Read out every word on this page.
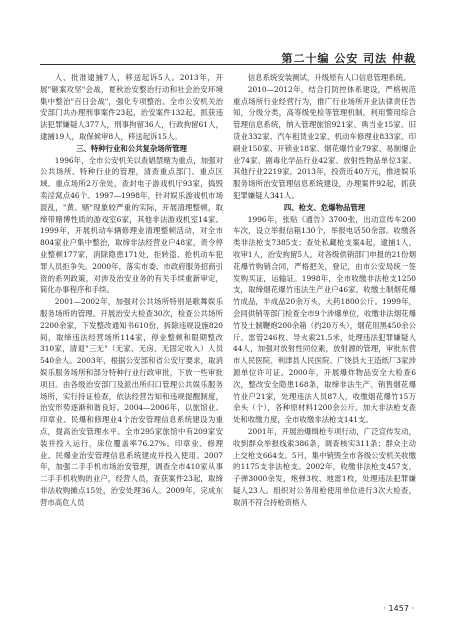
第二十编 公安 司法 仲裁

人、批准逮捕7人，移送起诉5人。2013年，开展"砸案攻坚"会战，夏秋治安整治行动和社会治安环境集中整治"百日会战"，强化专项整治。全市公安机关治安部门共办理刑事案件23起，治安案件132起，抓获违法犯罪嫌疑人377人，刑事拘留36人，行政拘留61人，逮捕19人，取保候审8人，移送起诉15人。

三、特种行业和公共复杂场所管理

1996年，全市公安机关以查娼禁赌为重点，加强对公共场所、特种行业的管理，清查重点部门、重点区域、重点场所2万余处，查封电子游戏机厅93家，捣毁卖淫窝点46个。1997—1998年，针对娱乐游戏机市场混乱，"黄、赌"现象较严重的实际，开展清理整顿，取缔带赌博性质的游戏室6家，其他非法游戏机室14家。1999年，开展机动车辆修理业清理整顿活动，对全市804家业户集中整治，取缔非法经营业户48家，责令停业整顿177家，消除隐患171处，拒转盗、抢机动车犯罪人员拒争失。2000年，落实市委、市政府服务招商引资的系列政策，对涉及治安业务的有关手续重新审定，简化办事程序和手续。

2001—2002年，加强对公共场所特别是歌舞娱乐服务场所的管理。开展治安大检查30次，检查公共场所2200余家，下发整改通知书610份，拆除违规设施820间，取缔违法经营场所114家，停业整顿和限期整改310家，清退"三无"（无家、无房、无固定收入）人员540余人。2003年，根据公安部和省公安厅要求，取消娱乐服务场所和部分特种行业行政审批，下放一些审批项目。由各级治安部门及派出所归口管理公共娱乐服务场所，实行持证检查，依法经营告知和违规提醒制度，治安形势逐渐和谐良好。2004—2006年，以旅馆业、印章业、民爆和修理业4个治安管理信息系统建设为重点，提高治安管理水平。全市295家旅馆中有209家安装并投入运行，床位覆盖率76.27%。印章业、修理业、民爆业治安管理信息系统建成并投入使用。2007年，加强二手手机市场治安管理，调查全市410家从事二手手机收购的业户，经营人员，查获案件23起，取缔非法收购摊点15处，治安处理36人。2009年，完成东营市高危人员

信息系统安装测试，升级原有人口信息管理系统。

2010—2012年，结合打防控体系建设，严格规范重点场所行业经营行为，推广行业场所开业法律责任告知，分级分类，高等级免检等管理机制。利用警用综合管理信息系统，纳入管理旅馆921家、典当业15家、旧货业332家、汽车租赁业2家、机动车修理业833家、印刷业150家、开锁业18家、烟花爆竹业79家、易制爆企业74家、剧毒化学品行业42家、放射性物品单位3家、其他行业2219家。2013年，投资近40万元，推进娱乐服务场所治安管理信息系统建设，办理案件92起，抓获犯罪嫌疑人341人。

四、枪支、危爆物品管理

1996年，张贴《通告》3700张，出动宣传车200车次，设立举报信箱130个，举报电话50余部。收缴各类非法枪支7385支；查处私藏枪支案4起，逮捕1人，收审1人，治安拘留5人。对各级供销部门申报的21份烟花爆竹购销合同，严格把关，登记，由市公安局统一签发购买证，运输证。1998年，全市收缴非法枪支1250支，取缔烟花爆竹违法生产业户46家，收缴土制烟花爆竹成品，半成品20余万头，大药1800公斤。1999年，会同供销等部门检查全市9个涉爆单位，收缴非法烟花爆竹及土制鞭炮200余箱（约20万头），烟花用黑450余公斤、雷管246枚、导火索21.5米，处理违法犯罪嫌疑人44人，加强对放射性同位素，放射源的管理，审批东营市人民医院、利津县人民医院、广饶县大王造纸厂3家涉源单位许可证。2000年，开展爆炸物品安全大检查6次，整改安全隐患168条，取缔非法生产、销售烟花爆竹业户21家，处理违法人员87人，收缴烟花爆竹15万余头（个），各种原材料1200余公斤。加大非法枪支查处和收缴力度，全市收缴非法枪支141支。

2001年，开展治爆缉枪专项行动，广泛宣传发动，收到群众举报线索386条，调查核实311条；群众主动上交枪支664支。5月，集中销毁全市各级公安机关收缴的1175支非法枪支。2002年，收缴非法枪支457支，子弹3000余发，炮弹3枚、地雷1枚，处理违法犯罪嫌疑人23人。组织对公务用枪使用单位进行3次大检查，取消不符合持枪资格人

· 1457 ·
